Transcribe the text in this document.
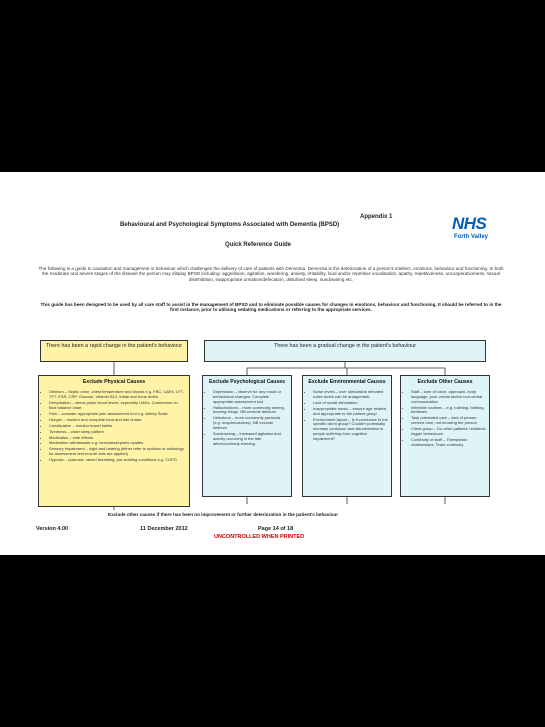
Appendix 1
Behavioural and Psychological Symptoms Associated with Dementia (BPSD)
Quick Reference Guide
NHS
Forth Valley
The following is a guide to causation and management in behaviour which challenges the delivery of care of patients with Dementia. Dementia is the deterioration of a person's intellect, emotions, behaviour and functioning. In both the moderate and severe stages of the disease the person may display BPSD including: aggression, agitation, wandering, anxiety, irritability, loud and/or repetitive vocalisation, apathy, repetitiveness, uncooperativeness, sexual disinhibition, inappropriate urination/defecation, disturbed sleep, sundowning etc.
This guide has been designed to be used by all care staff to assist in the management of BPSD and to eliminate possible causes for changes in emotions, behaviour and functioning. It should be referred to in the first instance, prior to utilising sedating medications or referring to the appropriate services.
There has been a rapid change in the patient's behaviour	There has been a gradual change in the patient's behaviour
Exclude Physical Causes
• Delirium – Septic urine, chest temperature and bloods e.g. FBC, U&Es, LFT, TFT, ESR, CRP, Glucose, Vitamin B12, folate and bone levels
• Dehydration – check pulse blood levels, especially U&Es. Commence on fluid balance chart
• Pain – consider appropriate pain assessment tool e.g. Abbey Scale
• Hunger – monitor and complete food and diet charts
• Constipation – monitor bowel habits
• Tiredness – chart sleep pattern
• Medication – side effects
• Medication withdrawals e.g. benzodiazepines opiates
• Sensory impairment – sight and hearing (either refer to optician or audiology for assessment and ensure aids are applied)
• Hypoxia – cyanosis, raised breathing, pre-existing conditions e.g. COPD
Exclude Psychological Causes
• Depression – observe for any mood or behavioural changes. Complete appropriate assessment tool
• Hallucinations – more commonly seeing, hearing things. NB exclude delirium
• Delusions – more commonly paranoia (e.g. suspiciousness). NB exclude delirium
• Sundowning – increased agitation and activity occurring in the late afternoon/early evening
Exclude Environmental Causes
• Noise levels – over stimulation elevated noise levels can be antagonistic
• Lack of social stimulation
• Inappropriate music – ensure age related and appropriate to the patient group
• Environment layout – is it conducive to the specific client group? Couldn't potentially increase confusion and disorientation in people suffering from cognitive impairment?
Exclude Other Causes
• Staff – tone of voice, approach, body language, poor verbal and/or non-verbal communication
• Inflexible routines – e.g. toileting, bathing, bedtimes
• Task orientated care – lack of person centred care, not knowing the person
• Client group – Do other patients' residents trigger behaviours
• Continuity of staff – Therapeutic relationships, Team continuity
Exclude other causes if there has been no improvement or further deterioration in the patient's behaviour
Version 4.00	11 December 2012	Page 14 of 18
UNCONTROLLED WHEN PRINTED
